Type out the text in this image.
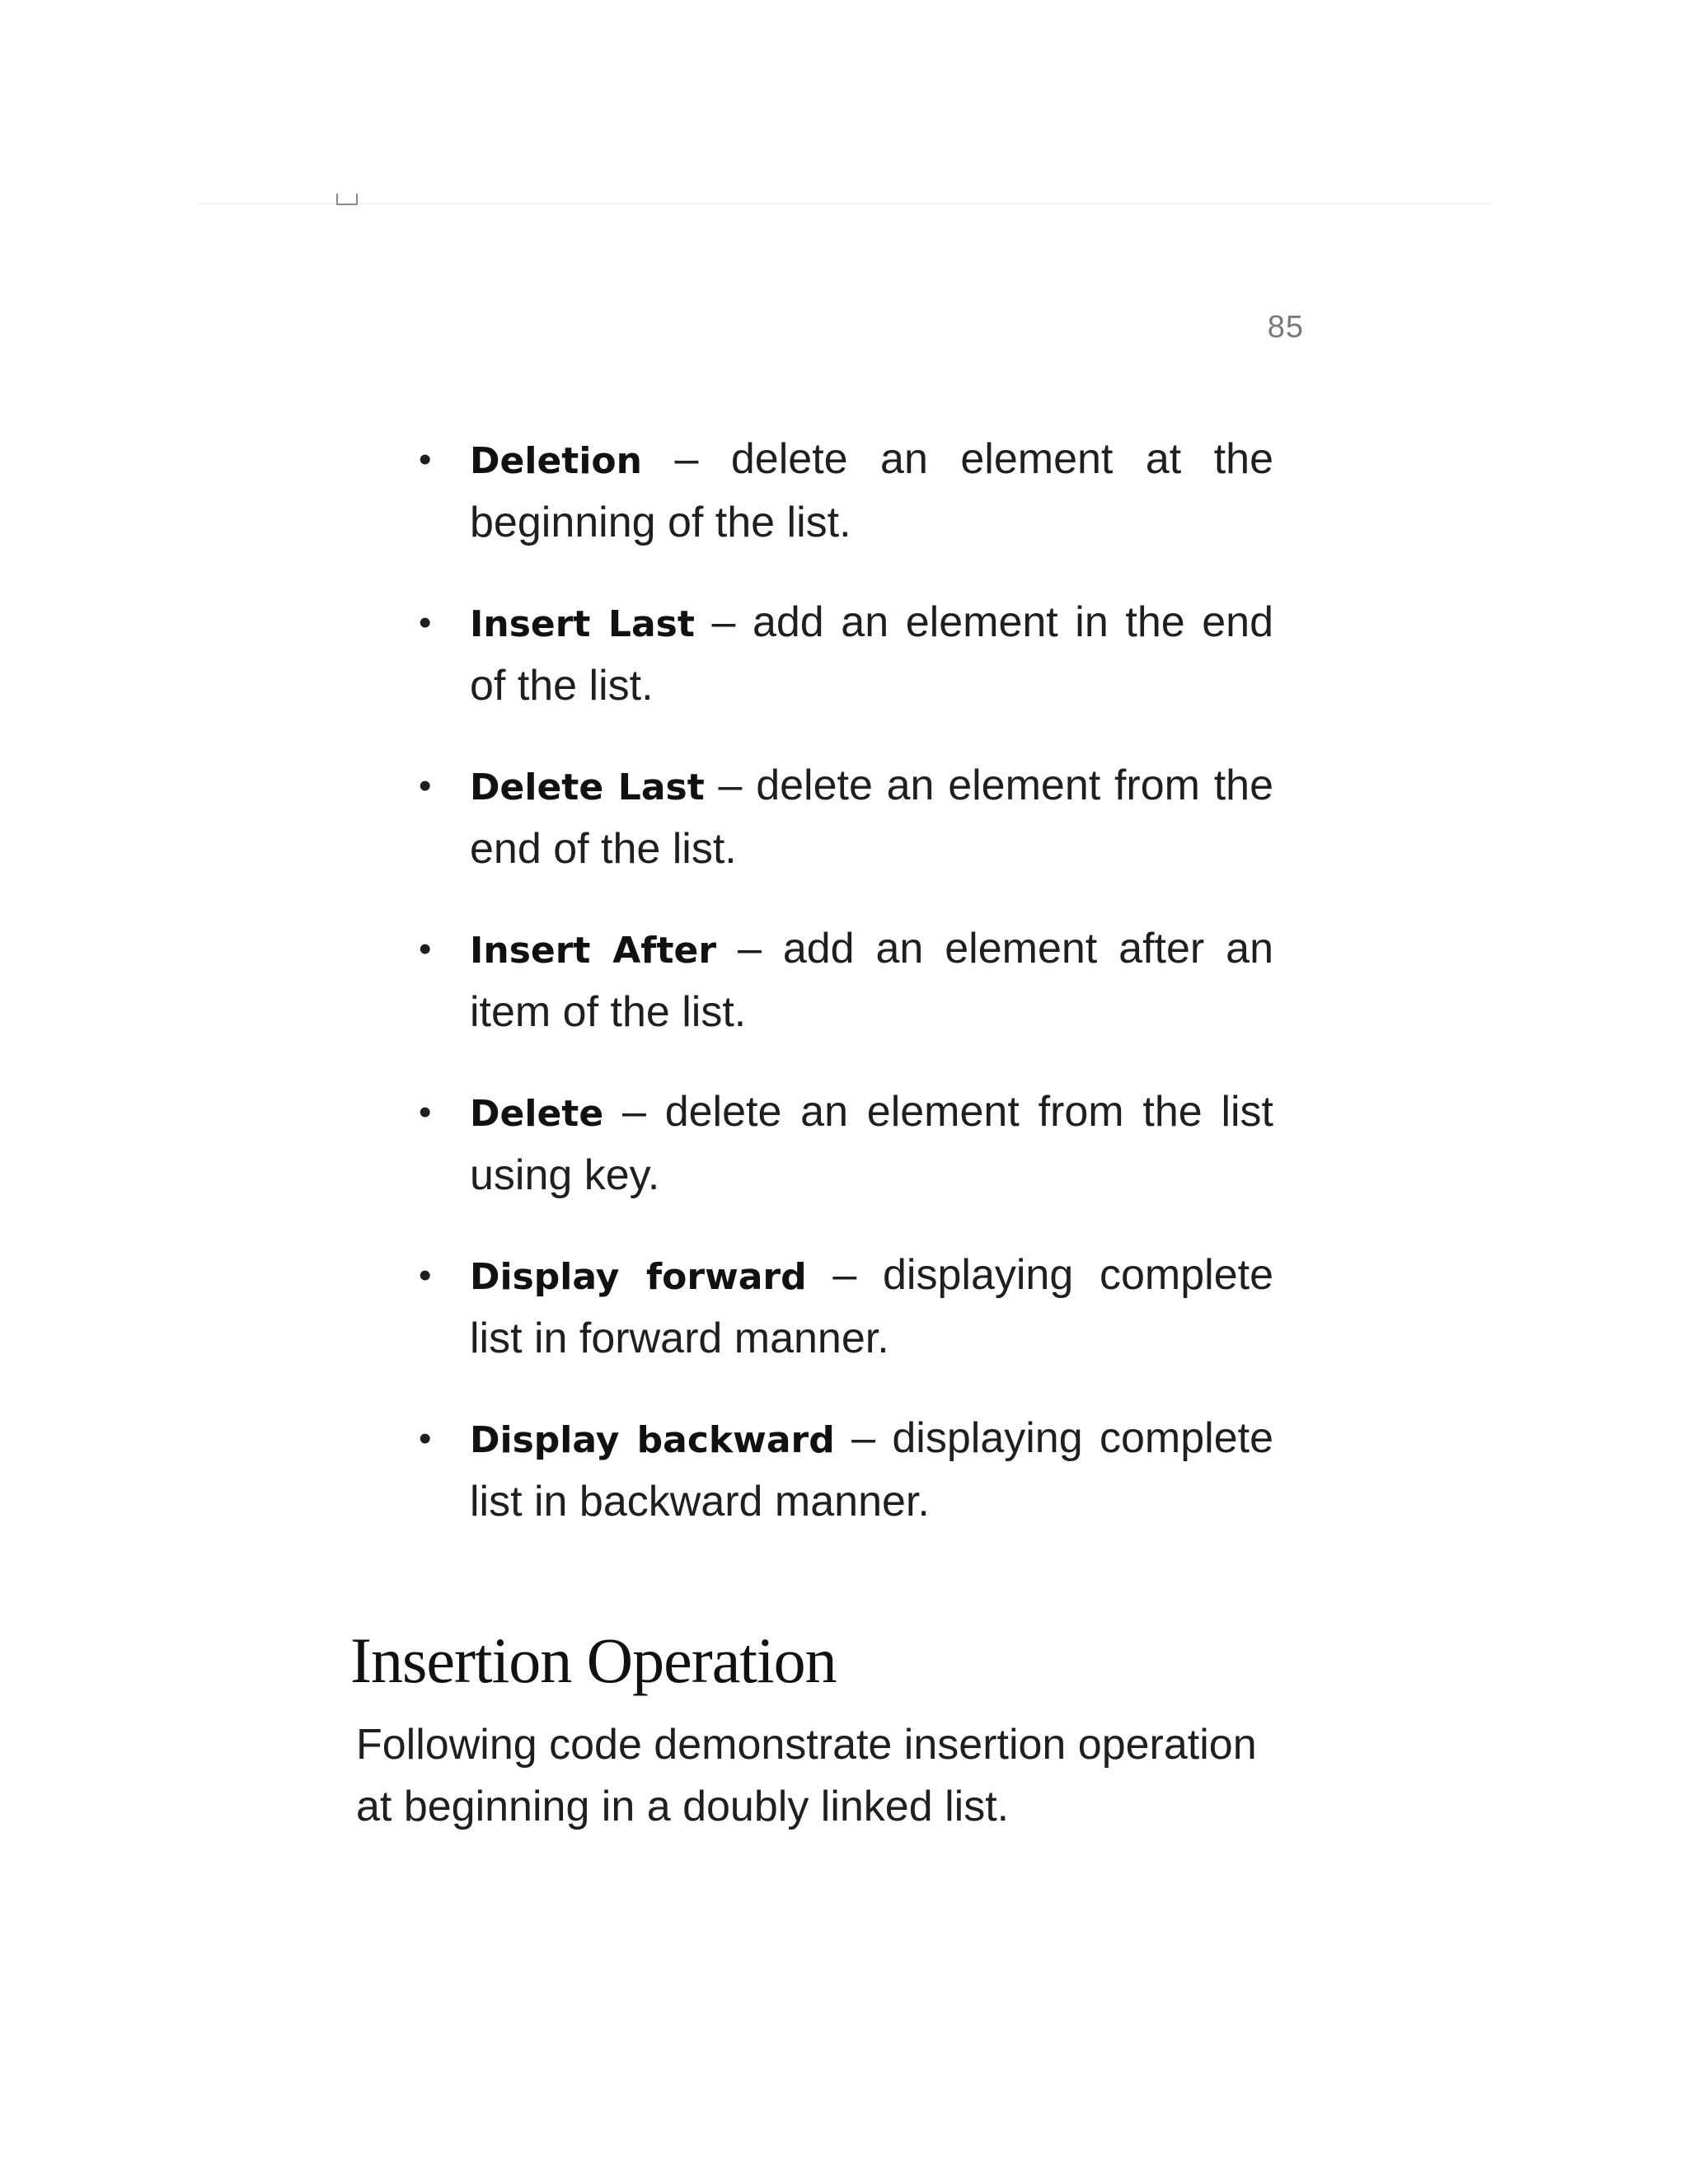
85
• Deletion – delete an element at the beginning of the list.
• Insert Last – add an element in the end of the list.
• Delete Last – delete an element from the end of the list.
• Insert After – add an element after an item of the list.
• Delete – delete an element from the list using key.
• Display forward – displaying complete list in forward manner.
• Display backward – displaying complete list in backward manner.
Insertion Operation

Following code demonstrate insertion operation at beginning in a doubly linked list.
